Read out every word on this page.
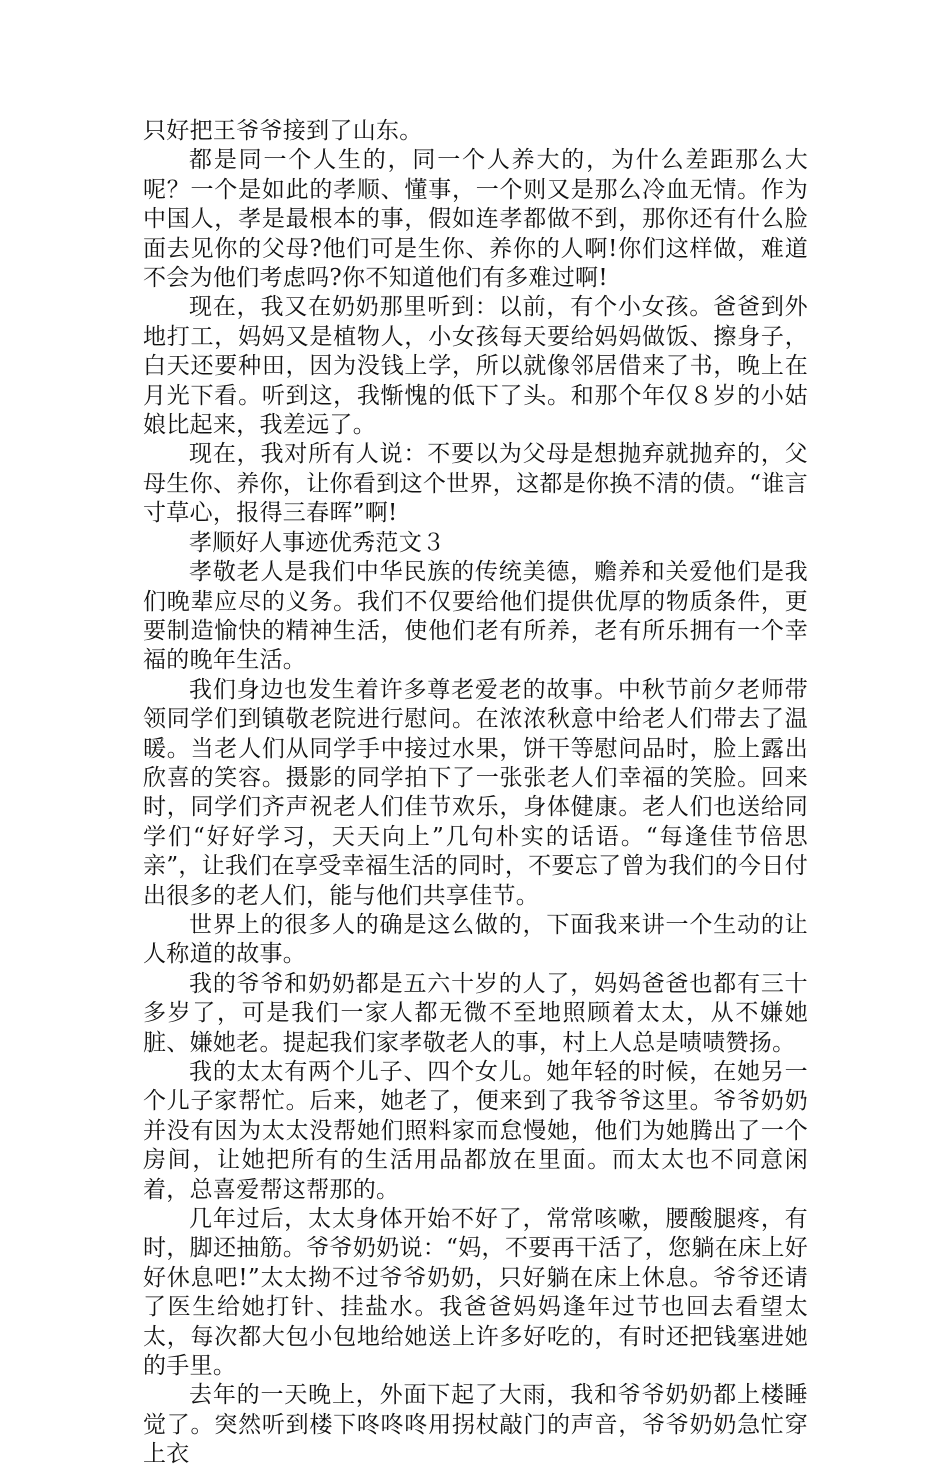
只好把王爷爷接到了山东。

都是同一个人生的，同一个人养大的，为什么差距那么大呢？一个是如此的孝顺、懂事，一个则又是那么冷血无情。作为中国人，孝是最根本的事，假如连孝都做不到，那你还有什么脸面去见你的父母?他们可是生你、养你的人啊!你们这样做，难道不会为他们考虑吗?你不知道他们有多难过啊!

现在，我又在奶奶那里听到：以前，有个小女孩。爸爸到外地打工，妈妈又是植物人，小女孩每天要给妈妈做饭、擦身子，白天还要种田，因为没钱上学，所以就像邻居借来了书，晚上在月光下看。听到这，我惭愧的低下了头。和那个年仅８岁的小姑娘比起来，我差远了。

现在，我对所有人说：不要以为父母是想抛弃就抛弃的，父母生你、养你，让你看到这个世界，这都是你换不清的债。“谁言寸草心，报得三春晖”啊!

孝顺好人事迹优秀范文３

孝敬老人是我们中华民族的传统美德，赡养和关爱他们是我们晚辈应尽的义务。我们不仅要给他们提供优厚的物质条件，更要制造愉快的精神生活，使他们老有所养，老有所乐拥有一个幸福的晚年生活。

我们身边也发生着许多尊老爱老的故事。中秋节前夕老师带领同学们到镇敬老院进行慰问。在浓浓秋意中给老人们带去了温暖。当老人们从同学手中接过水果，饼干等慰问品时，脸上露出欣喜的笑容。摄影的同学拍下了一张张老人们幸福的笑脸。回来时，同学们齐声祝老人们佳节欢乐，身体健康。老人们也送给同学们“好好学习，天天向上”几句朴实的话语。“每逢佳节倍思亲”，让我们在享受幸福生活的同时，不要忘了曾为我们的今日付出很多的老人们，能与他们共享佳节。

世界上的很多人的确是这么做的，下面我来讲一个生动的让人称道的故事。

我的爷爷和奶奶都是五六十岁的人了，妈妈爸爸也都有三十多岁了，可是我们一家人都无微不至地照顾着太太，从不嫌她脏、嫌她老。提起我们家孝敬老人的事，村上人总是啧啧赞扬。

我的太太有两个儿子、四个女儿。她年轻的时候，在她另一个儿子家帮忙。后来，她老了，便来到了我爷爷这里。爷爷奶奶并没有因为太太没帮她们照料家而怠慢她，他们为她腾出了一个房间，让她把所有的生活用品都放在里面。而太太也不同意闲着，总喜爱帮这帮那的。

几年过后，太太身体开始不好了，常常咳嗽，腰酸腿疼，有时，脚还抽筋。爷爷奶奶说：“妈，不要再干活了，您躺在床上好好休息吧!”太太拗不过爷爷奶奶，只好躺在床上休息。爷爷还请了医生给她打针、挂盐水。我爸爸妈妈逢年过节也回去看望太太，每次都大包小包地给她送上许多好吃的，有时还把钱塞进她的手里。

去年的一天晚上，外面下起了大雨，我和爷爷奶奶都上楼睡觉了。突然听到楼下咚咚咚用拐杖敲门的声音，爷爷奶奶急忙穿上衣
